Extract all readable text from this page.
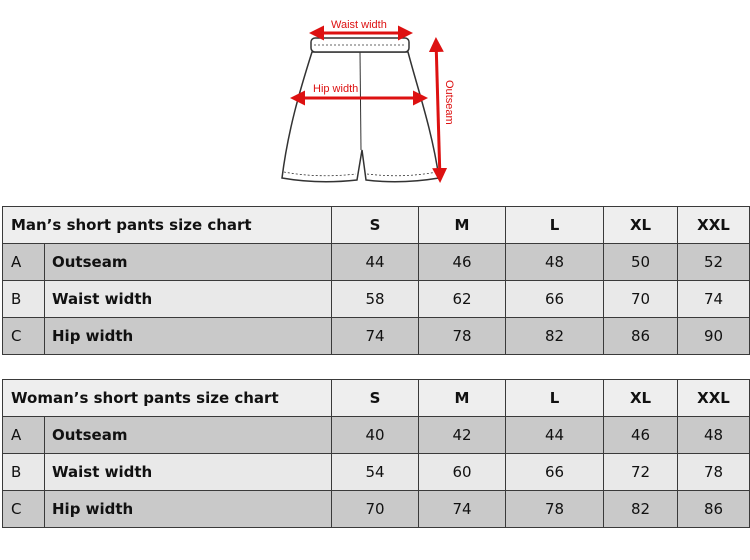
Waist width
Hip width	Outseam
Man’s short pants size chart		S	M	L	XL	XXL
A	Outseam	44	46	48	50	52
B	Waist width	58	62	66	70	74
C	Hip width	74	78	82	86	90
Woman’s short pants size chart		S	M	L	XL	XXL
A	Outseam	40	42	44	46	48
B	Waist width	54	60	66	72	78
C	Hip width	70	74	78	82	86
